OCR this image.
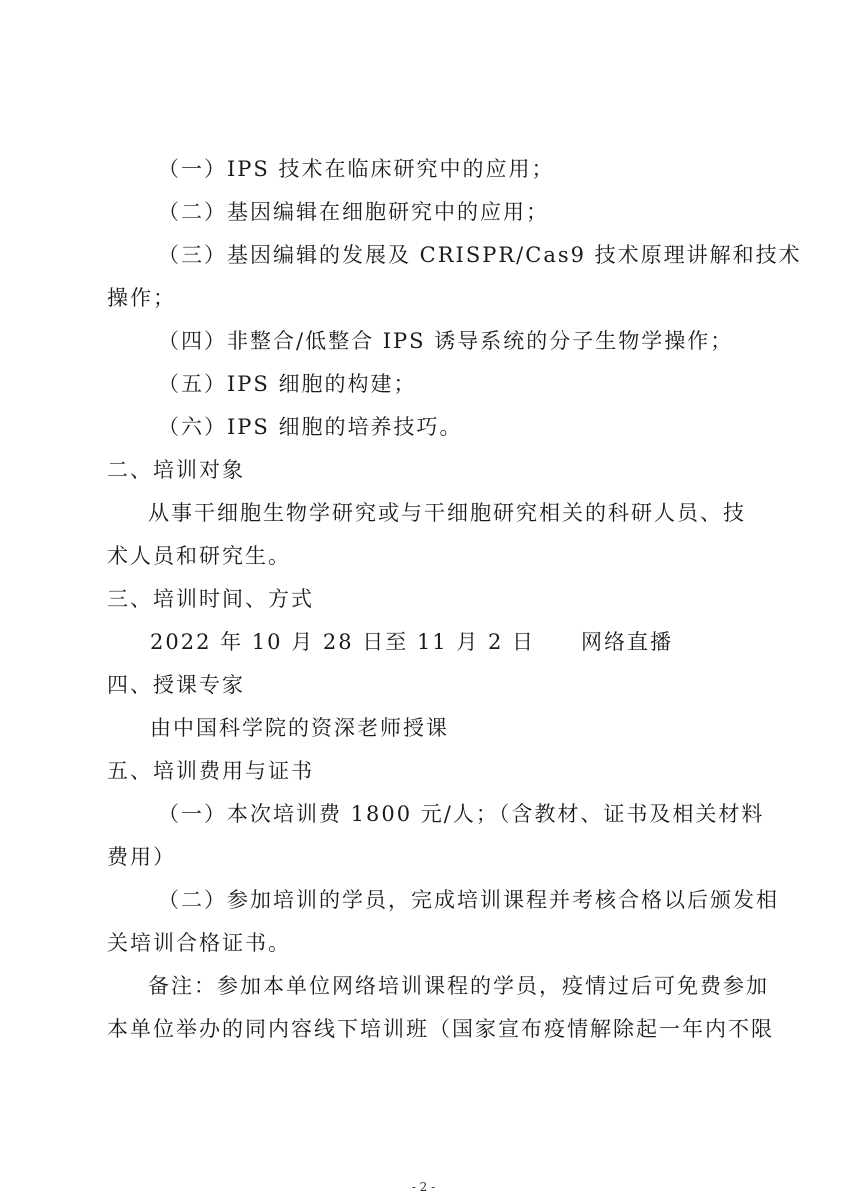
（一）IPS 技术在临床研究中的应用；
（二）基因编辑在细胞研究中的应用；
（三）基因编辑的发展及 CRISPR/Cas9 技术原理讲解和技术
操作；
（四）非整合/低整合 IPS 诱导系统的分子生物学操作；
（五）IPS 细胞的构建；
（六）IPS 细胞的培养技巧。
二、培训对象
从事干细胞生物学研究或与干细胞研究相关的科研人员、技
术人员和研究生。
三、培训时间、方式
2022 年 10 月 28 日至 11 月 2 日　　网络直播
四、授课专家
由中国科学院的资深老师授课
五、培训费用与证书
（一）本次培训费 1800 元/人；（含教材、证书及相关材料
费用）
（二）参加培训的学员，完成培训课程并考核合格以后颁发相
关培训合格证书。
备注：参加本单位网络培训课程的学员，疫情过后可免费参加
本单位举办的同内容线下培训班（国家宣布疫情解除起一年内不限
- 2 -
